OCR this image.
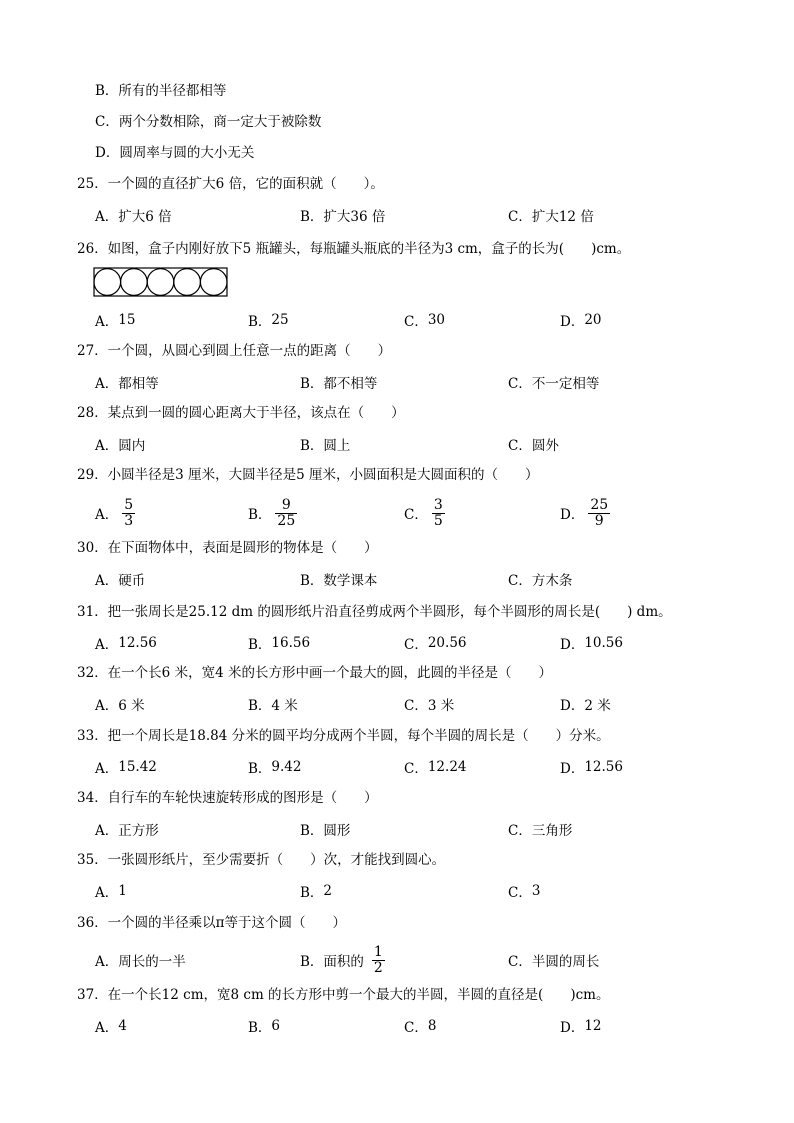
B．所有的半径都相等
C．两个分数相除，商一定大于被除数
D．圆周率与圆的大小无关
25．一个圆的直径扩大6 倍，它的面积就（　　）。
A． 扩大6 倍	B． 扩大36 倍	C． 扩大12 倍
26．如图，盒子内刚好放下5 瓶罐头，每瓶罐头瓶底的半径为3 cm，盒子的长为(　　)cm。
A． 15	B． 25	C． 30	D． 20
27．一个圆，从圆心到圆上任意一点的距离（　　）
A． 都相等	B． 都不相等	C． 不一定相等
28．某点到一圆的圆心距离大于半径，该点在（　　）
A． 圆内	B． 圆上	C． 圆外
29．小圆半径是3 厘米，大圆半径是5 厘米，小圆面积是大圆面积的（　　）
A． $\frac{5}{3}$	B． $\frac{9}{25}$	C． $\frac{3}{5}$	D． $\frac{25}{9}$
30．在下面物体中，表面是圆形的物体是（　　）
A． 硬币	B． 数学课本	C． 方木条
31．把一张周长是25.12 dm 的圆形纸片沿直径剪成两个半圆形，每个半圆形的周长是(　　) dm。
A． 12.56	B． 16.56	C． 20.56	D． 10.56
32．在一个长6 米，宽4 米的长方形中画一个最大的圆，此圆的半径是（　　）
A． 6 米	B． 4 米	C． 3 米	D． 2 米
33．把一个周长是18.84 分米的圆平均分成两个半圆，每个半圆的周长是（　　）分米。
A． 15.42	B． 9.42	C． 12.24	D． 12.56
34．自行车的车轮快速旋转形成的图形是（　　）
A． 正方形	B． 圆形	C． 三角形
35．一张圆形纸片，至少需要折（　　）次，才能找到圆心。
A． 1	B． 2	C． 3
36．一个圆的半径乘以π等于这个圆（　　）
A． 周长的一半	B． 面积的 $\frac{1}{2}$	C． 半圆的周长
37．在一个长12 cm，宽8 cm 的长方形中剪一个最大的半圆，半圆的直径是(　　)cm。
A． 4	B． 6	C． 8	D． 12
